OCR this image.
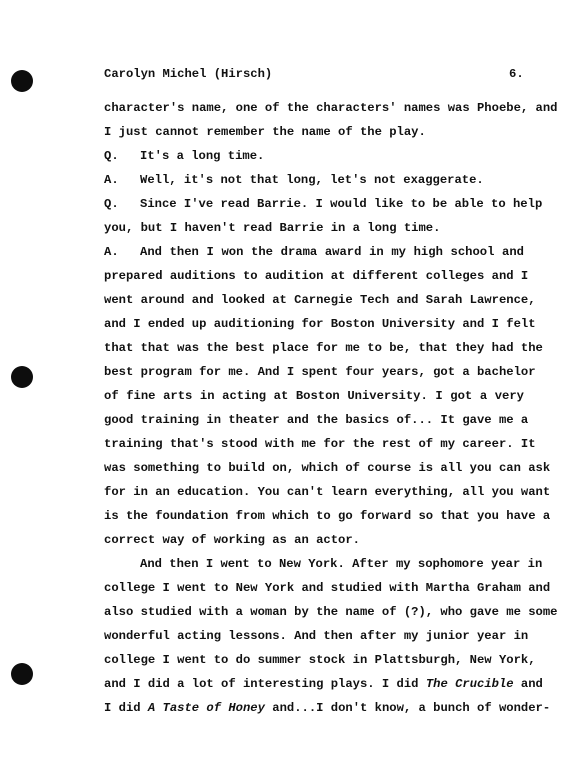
Carolyn Michel (Hirsch)	6.
character's name, one of the characters' names was Phoebe, and
I just cannot remember the name of the play.
Q. It's a long time.
A. Well, it's not that long, let's not exaggerate.
Q. Since I've read Barrie. I would like to be able to help
you, but I haven't read Barrie in a long time.
A. And then I won the drama award in my high school and
prepared auditions to audition at different colleges and I
went around and looked at Carnegie Tech and Sarah Lawrence,
and I ended up auditioning for Boston University and I felt
that that was the best place for me to be, that they had the
best program for me. And I spent four years, got a bachelor
of fine arts in acting at Boston University. I got a very
good training in theater and the basics of... It gave me a
training that's stood with me for the rest of my career. It
was something to build on, which of course is all you can ask
for in an education. You can't learn everything, all you want
is the foundation from which to go forward so that you have a
correct way of working as an actor.
And then I went to New York. After my sophomore year in
college I went to New York and studied with Martha Graham and
also studied with a woman by the name of (?), who gave me some
wonderful acting lessons. And then after my junior year in
college I went to do summer stock in Plattsburgh, New York,
and I did a lot of interesting plays. I did The Crucible and
I did A Taste of Honey and...I don't know, a bunch of wonder-
